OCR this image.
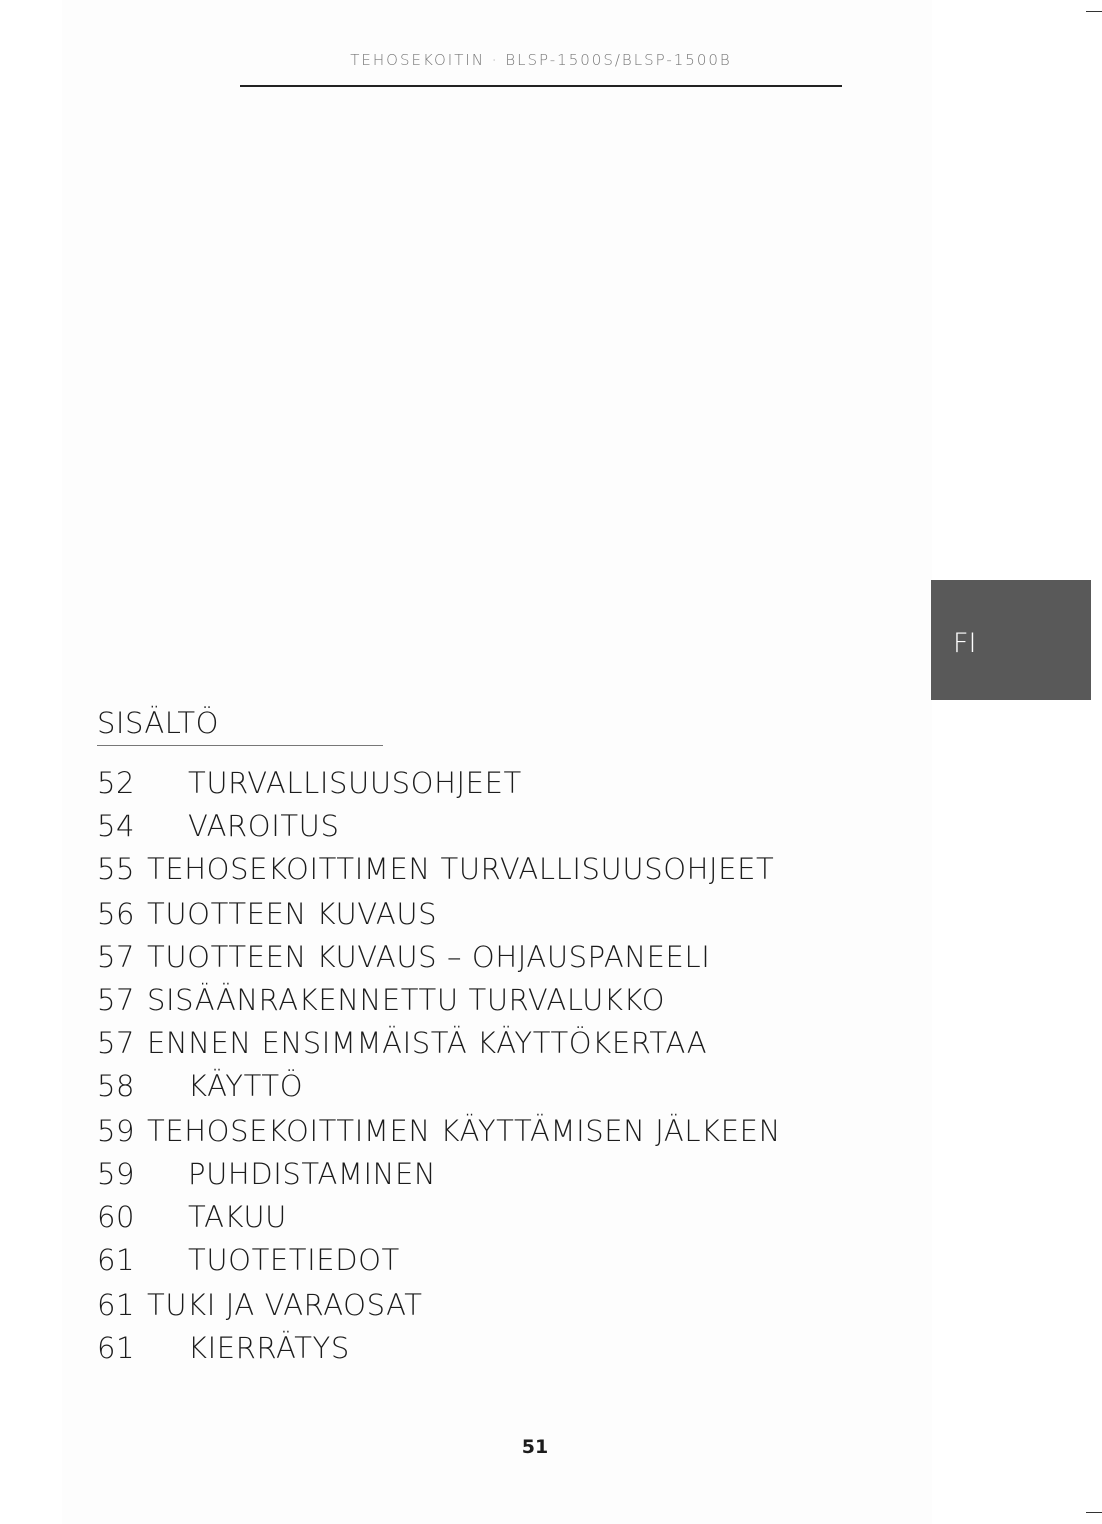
TEHOSEKOITIN · BLSP-1500S/BLSP-1500B
FI
SISÄLTÖ
52 TURVALLISUUSOHJEET
54 VAROITUS
55 TEHOSEKOITTIMEN TURVALLISUUSOHJEET
56 TUOTTEEN KUVAUS
57 TUOTTEEN KUVAUS – OHJAUSPANEELI
57 SISÄÄNRAKENNETTU TURVALUKKO
57 ENNEN ENSIMMÄISTÄ KÄYTTÖKERTAA
58 KÄYTTÖ
59 TEHOSEKOITTIMEN KÄYTTÄMISEN JÄLKEEN
59 PUHDISTAMINEN
60 TAKUU
61 TUOTETIEDOT
61 TUKI JA VARAOSAT
61 KIERRÄTYS
51
